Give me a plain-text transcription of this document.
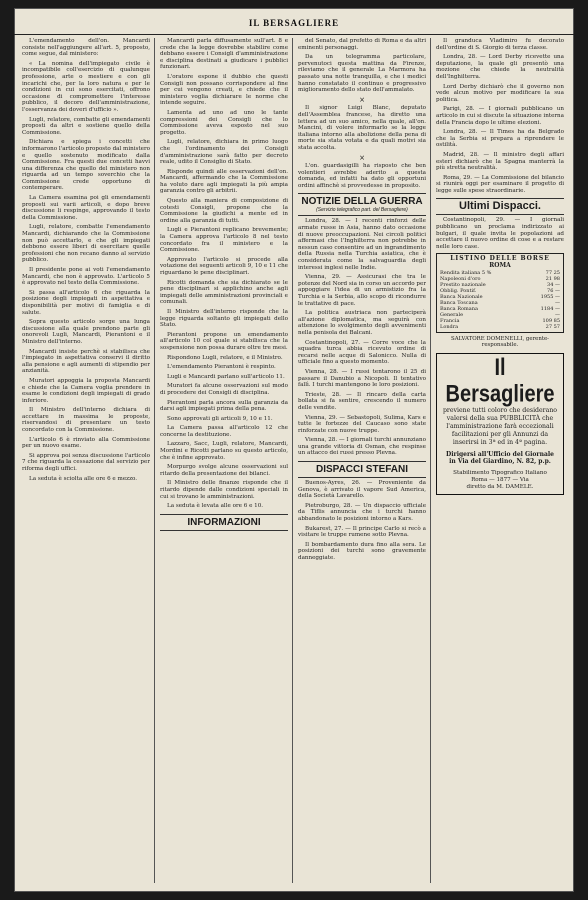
IL BERSAGLIERE

L'emendamento dell'on. Mancardi consiste nell'aggiungere all'art. 5, proposto, come segue, dal ministero:

« La nomina dell'impiegato civile è incompatibile coll'esercizio di qualunque professione, arte o mestiere e con gli incarichi che, per la loro natura e per le condizioni in cui sono esercitati, offrono occasione di compromettere l'interesse pubblico, il decoro dell'amministrazione, l'osservanza dei doveri d'ufficio ».

Lugli, relatore, combatte gli emendamenti proposti da altri e sostiene quello della Commissione.

Dichiara e spiega i concetti che informarono l'articolo proposto dal ministero e quello sostenuto modificato dalla Commissione. Fra questi due concetti havvi una differenza che quello del ministero non riguarda ad un tempo soverchio che la Commissione crede opportuno di contemperare.

La Camera esamina poi gli emendamenti proposti sui varii articoli, e dopo breve discussione li respinge, approvando il testo della Commissione.

Lugli, relatore, combatte l'emendamento Mancardi, dichiarando che la Commissione non può accettarlo, e che gli impiegati debbono essere liberi di esercitare quelle professioni che non recano danno al servizio pubblico.

Il presidente pone ai voti l'emendamento Mancardi, che non è approvato. L'articolo 5 è approvato nel testo della Commissione.

Si passa all'articolo 6 che riguarda la posizione degli impiegati in aspettativa e disponibilità per motivi di famiglia e di salute.

Sopra questo articolo sorge una lunga discussione alla quale prendono parte gli onorevoli Lugli, Mancardi, Pierantoni e il Ministro dell'interno.

Mancardi insiste perchè si stabilisca che l'impiegato in aspettativa conservi il diritto alla pensione e agli aumenti di stipendio per anzianità.

Muratori appoggia la proposta Mancardi e chiede che la Camera voglia prendere in esame le condizioni degli impiegati di grado inferiore.

Il Ministro dell'interno dichiara di accettare in massima le proposte, riservandosi di presentare un testo concordato con la Commissione.

L'articolo 6 è rinviato alla Commissione per un nuovo esame.

Si approva poi senza discussione l'articolo 7 che riguarda la cessazione dal servizio per riforma degli uffici.

La seduta è sciolta alle ore 6 e mezzo.

Mancardi parla diffusamente sull'art. 8 e crede che la legge dovrebbe stabilire come debbano essere i Consigli d'amministrazione e disciplina destinati a giudicare i pubblici funzionari.

L'oratore espone il dubbio che questi Consigli non possano corrispondere al fine per cui vengono creati, e chiede che il ministero voglia dichiarare le norme che intende seguire.

Lamenta ad uno ad uno le tante compressioni dei Consigli che lo Commissione aveva esposto nel suo progetto.

Lugli, relatore, dichiara in primo luogo che l'ordinamento dei Consigli d'amministrazione sarà fatto per decreto reale, udito il Consiglio di Stato.

Risponde quindi alle osservazioni dell'on. Mancardi, affermando che la Commissione ha voluto dare agli impiegati la più ampia garanzia contro gli arbitrii.

Questo alla maniera di composizione di cotesti Consigli, propone che la Commissione la giudichi a mente ed in ordine alla garanzia di tutti.

Lugli e Pierantoni replicano brevemente; la Camera approva l'articolo 8 nel testo concordato fra il ministero e la Commissione.

Approvato l'articolo si procede alla votazione dei seguenti articoli 9, 10 e 11 che riguardano le pene disciplinari.

Ricotti domanda che sia dichiarato se le pene disciplinari si applichino anche agli impiegati delle amministrazioni provinciali e comunali.

Il Ministro dell'interno risponde che la legge riguarda soltanto gli impiegati dello Stato.

Pierantoni propone un emendamento all'articolo 10 col quale si stabilisca che la sospensione non possa durare oltre tre mesi.

Rispondono Lugli, relatore, e il Ministro.

L'emendamento Pierantoni è respinto.

Lugli e Mancardi parlano sull'articolo 11.

Muratori fa alcune osservazioni sul modo di procedere dei Consigli di disciplina.

Pierantoni parla ancora sulla garanzia da darsi agli impiegati prima della pena.

Sono approvati gli articoli 9, 10 e 11.

La Camera passa all'articolo 12 che concerne la destituzione.

Lazzaro, Sacc, Lugli, relatore, Mancardi, Mordini e Ricotti parlano su questo articolo, che è infine approvato.

Morpurgo svolge alcune osservazioni sul ritardo della presentazione dei bilanci.

Il Ministro delle finanze risponde che il ritardo dipende dalle condizioni speciali in cui si trovano le amministrazioni.

La seduta è levata alle ore 6 e 10.

INFORMAZIONI

del Senato, dal prefetto di Roma e da altri eminenti personaggi.

Da un telegramma particolare, pervenutoci questa mattina da Firenze, rileviamo che il generale La Marmora ha passato una notte tranquilla, e che i medici hanno constatato il continuo e progressivo miglioramento dello stato dell'ammalato.

×

Il signor Luigi Blanc, deputato dell'Assemblea francese, ha diretto una lettera ad un suo amico, nella quale, all'on. Mancini, di volere informarlo se la legge italiana intorno alla abolizione della pena di morte sia stata votata e da quali motivi sia stata accolta.

×

L'on. guardasigilli ha risposto che ben volentieri avrebbe aderito a questa domanda, ed infatti ha dato gli opportuni ordini affinchè si provvedesse in proposito.

NOTIZIE DELLA GUERRA
(Servizio telegrafico part. del Bersagliere)

Londra, 28. — I recenti rinforzi delle armate russe in Asia, hanno dato occasione di nuove preoccupazioni. Nei circoli politici affermasi che l'Inghilterra non potrebbe in nessun caso consentire ad un ingrandimento della Russia nella Turchia asiatica, che è considerata come la salvaguardia degli interessi inglesi nelle Indie.

Vienna, 29. — Assicurasi che tra le potenze del Nord sia in corso un accordo per appoggiare l'idea di un armistizio fra la Turchia e la Serbia, allo scopo di ricondurre le trattative di pace.

La politica austriaca non parteciperà all'azione diplomatica, ma seguirà con attenzione lo svolgimento degli avvenimenti nella penisola dei Balcani.

Costantinopoli, 27. — Corre voce che la squadra turca abbia ricevuto ordine di recarsi nelle acque di Salonicco. Nulla di ufficiale fino a questo momento.

Vienna, 28. — I russi tentarono il 25 di passare il Danubio a Nicopoli. Il tentativo fallì. I turchi mantengono le loro posizioni.

Trieste, 28. — Il rincaro della carta bollata si fa sentire, crescendo il numero delle vendite.

Vienna, 29. — Sebastopoli, Sulima, Kars e tutte le fortezze del Caucaso sono state rinforzate con nuove truppe.

Vienna, 28. — I giornali turchi annunziano una grande vittoria di Osman, che respinse un attacco dei russi presso Plevna.

DISPACCI STEFANI

Buenos-Ayres, 26. — Proveniente da Genova, è arrivato il vapore Sud America, della Società Lavarello.

Pietroburgo, 28. — Un dispaccio ufficiale da Tiflis annuncia che i turchi hanno abbandonato le posizioni intorno a Kars.

Bukarest, 27. — Il principe Carlo si recò a visitare le truppe rumene sotto Plevna.

Il bombardamento dura fino alla sera. Le posizioni dei turchi sono gravemente danneggiate.

Il granduca Vladimiro fu decorato dell'ordine di S. Giorgio di terza classe.

Londra, 28. — Lord Derby ricevette una deputazione, la quale gli presentò una mozione che chiede la neutralità dell'Inghilterra.

Lord Derby dichiarò che il governo non vede alcun motivo per modificare la sua politica.

Parigi, 28. — I giornali pubblicano un articolo in cui si discute la situazione interna della Francia dopo le ultime elezioni.

Londra, 28. — Il Times ha da Belgrado che la Serbia si prepara a riprendere le ostilità.

Madrid, 28. — Il ministro degli affari esteri dichiarò che la Spagna manterrà la più stretta neutralità.

Roma, 29. — La Commissione del bilancio si riunirà oggi per esaminare il progetto di legge sulle spese straordinarie.

Ultimi Dispacci.

Costantinopoli, 29. — I giornali pubblicano un proclama indirizzato ai bulgari, il quale invita le popolazioni ad accettare il nuovo ordine di cose e a restare nelle loro case.

LISTINO DELLE BORSE
ROMA
Rendita italiana 5 %	77 25
Napoleoni d'oro	21 98
Prestito nazionale	34 —
Obblig. Pontif.	76 —
Banca Nazionale	1955 —
Banca Toscana	—
Banca Romana	1184 —
Generale	—
Francia	109 85
Londra	27 57
SALVATORE DOMENELLI, gerente-responsabile.
Il Bersagliere
previene tutti coloro che desiderano
valersi della sua PUBBLICITÀ che
l'amministrazione farà eccezionali
facilitazioni per gli Annunzi da
inserirsi in 3ª ed in 4ª pagina.
Dirigersi all'Ufficio del Giornale
in Via del Giardino, N. 82, p.p.
Stabilimento Tipografico Italiano
Roma — 1877 — Via
diretto da M. DAMELE.
